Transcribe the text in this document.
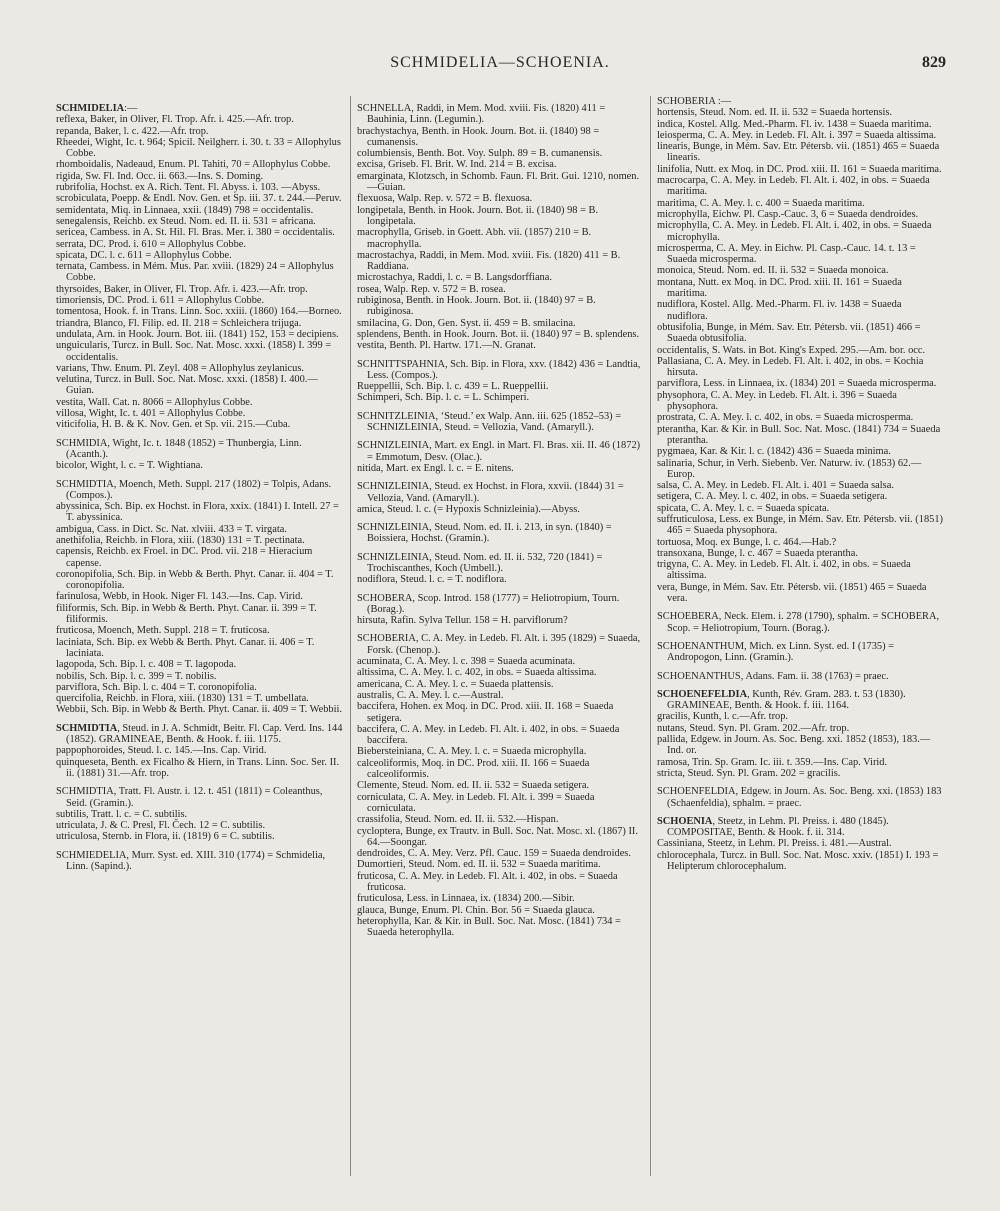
SCHMIDELIA—SCHOENIA.	829

SCHMIDELIA:—

reflexa, Baker, in Oliver, Fl. Trop. Afr. i. 425.—Afr. trop.

repanda, Baker, l. c. 422.—Afr. trop.

Rheedei, Wight, Ic. t. 964; Spicil. Neilgherr. i. 30. t. 33 = Allophylus Cobbe.

rhomboidalis, Nadeaud, Enum. Pl. Tahiti, 70 = Allophylus Cobbe.

rigida, Sw. Fl. Ind. Occ. ii. 663.—Ins. S. Doming.

rubrifolia, Hochst. ex A. Rich. Tent. Fl. Abyss. i. 103. —Abyss.

scrobiculata, Poepp. & Endl. Nov. Gen. et Sp. iii. 37. t. 244.—Peruv.

semidentata, Miq. in Linnaea, xxii. (1849) 798 = occidentalis.

senegalensis, Reichb. ex Steud. Nom. ed. II. ii. 531 = africana.

sericea, Cambess. in A. St. Hil. Fl. Bras. Mer. i. 380 = occidentalis.

serrata, DC. Prod. i. 610 = Allophylus Cobbe.

spicata, DC. l. c. 611 = Allophylus Cobbe.

ternata, Cambess. in Mém. Mus. Par. xviii. (1829) 24 = Allophylus Cobbe.

thyrsoides, Baker, in Oliver, Fl. Trop. Afr. i. 423.—Afr. trop.

timoriensis, DC. Prod. i. 611 = Allophylus Cobbe.

tomentosa, Hook. f. in Trans. Linn. Soc. xxiii. (1860) 164.—Borneo.

triandra, Blanco, Fl. Filip. ed. II. 218 = Schleichera trijuga.

undulata, Arn. in Hook. Journ. Bot. iii. (1841) 152, 153 = decipiens.

unguicularis, Turcz. in Bull. Soc. Nat. Mosc. xxxi. (1858) I. 399 = occidentalis.

varians, Thw. Enum. Pl. Zeyl. 408 = Allophylus zeylanicus.

velutina, Turcz. in Bull. Soc. Nat. Mosc. xxxi. (1858) I. 400.—Guian.

vestita, Wall. Cat. n. 8066 = Allophylus Cobbe.

villosa, Wight, Ic. t. 401 = Allophylus Cobbe.

viticifolia, H. B. & K. Nov. Gen. et Sp. vii. 215.—Cuba.

SCHMIDIA, Wight, Ic. t. 1848 (1852) = Thunbergia, Linn. (Acanth.).

bicolor, Wight, l. c. = T. Wightiana.

SCHMIDTIA, Moench, Meth. Suppl. 217 (1802) = Tolpis, Adans. (Compos.).

abyssinica, Sch. Bip. ex Hochst. in Flora, xxix. (1841) I. Intell. 27 = T. abyssinica.

ambigua, Cass. in Dict. Sc. Nat. xlviii. 433 = T. virgata.

anethifolia, Reichb. in Flora, xiii. (1830) 131 = T. pectinata.

capensis, Reichb. ex Froel. in DC. Prod. vii. 218 = Hieracium capense.

coronopifolia, Sch. Bip. in Webb & Berth. Phyt. Canar. ii. 404 = T. coronopifolia.

farinulosa, Webb, in Hook. Niger Fl. 143.—Ins. Cap. Virid.

filiformis, Sch. Bip. in Webb & Berth. Phyt. Canar. ii. 399 = T. filiformis.

fruticosa, Moench, Meth. Suppl. 218 = T. fruticosa.

laciniata, Sch. Bip. ex Webb & Berth. Phyt. Canar. ii. 406 = T. laciniata.

lagopoda, Sch. Bip. l. c. 408 = T. lagopoda.

nobilis, Sch. Bip. l. c. 399 = T. nobilis.

parviflora, Sch. Bip. l. c. 404 = T. coronopifolia.

quercifolia, Reichb. in Flora, xiii. (1830) 131 = T. umbellata.

Webbii, Sch. Bip. in Webb & Berth. Phyt. Canar. ii. 409 = T. Webbii.

SCHMIDTIA, Steud. in J. A. Schmidt, Beitr. Fl. Cap. Verd. Ins. 144 (1852). GRAMINEAE, Benth. & Hook. f. iii. 1175.

pappophoroides, Steud. l. c. 145.—Ins. Cap. Virid.

quinqueseta, Benth. ex Ficalho & Hiern, in Trans. Linn. Soc. Ser. II. ii. (1881) 31.—Afr. trop.

SCHMIDTIA, Tratt. Fl. Austr. i. 12. t. 451 (1811) = Coleanthus, Seid. (Gramin.).

subtilis, Tratt. l. c. = C. subtilis.

utriculata, J. & C. Presl, Fl. Čech. 12 = C. subtilis.

utriculosa, Sternb. in Flora, ii. (1819) 6 = C. subtilis.

SCHMIEDELIA, Murr. Syst. ed. XIII. 310 (1774) = Schmidelia, Linn. (Sapind.).

SCHNELLA, Raddi, in Mem. Mod. xviii. Fis. (1820) 411 = Bauhinia, Linn. (Legumin.).

brachystachya, Benth. in Hook. Journ. Bot. ii. (1840) 98 = cumanensis.

columbiensis, Benth. Bot. Voy. Sulph. 89 = B. cumanensis.

excisa, Griseb. Fl. Brit. W. Ind. 214 = B. excisa.

emarginata, Klotzsch, in Schomb. Faun. Fl. Brit. Gui. 1210, nomen.—Guian.

flexuosa, Walp. Rep. v. 572 = B. flexuosa.

longipetala, Benth. in Hook. Journ. Bot. ii. (1840) 98 = B. longipetala.

macrophylla, Griseb. in Goett. Abh. vii. (1857) 210 = B. macrophylla.

macrostachya, Raddi, in Mem. Mod. xviii. Fis. (1820) 411 = B. Raddiana.

microstachya, Raddi, l. c. = B. Langsdorffiana.

rosea, Walp. Rep. v. 572 = B. rosea.

rubiginosa, Benth. in Hook. Journ. Bot. ii. (1840) 97 = B. rubiginosa.

smilacina, G. Don, Gen. Syst. ii. 459 = B. smilacina.

splendens, Benth. in Hook. Journ. Bot. ii. (1840) 97 = B. splendens.

vestita, Benth. Pl. Hartw. 171.—N. Granat.

SCHNITTSPAHNIA, Sch. Bip. in Flora, xxv. (1842) 436 = Landtia, Less. (Compos.).

Rueppellii, Sch. Bip. l. c. 439 = L. Rueppellii.

Schimperi, Sch. Bip. l. c. = L. Schimperi.

SCHNITZLEINIA, ‘Steud.’ ex Walp. Ann. iii. 625 (1852–53) = SCHNIZLEINIA, Steud. = Vellozia, Vand. (Amaryll.).

SCHNIZLEINIA, Mart. ex Engl. in Mart. Fl. Bras. xii. II. 46 (1872) = Emmotum, Desv. (Olac.).

nitida, Mart. ex Engl. l. c. = E. nitens.

SCHNIZLEINIA, Steud. ex Hochst. in Flora, xxvii. (1844) 31 = Vellozia, Vand. (Amaryll.).

amica, Steud. l. c. (= Hypoxis Schnizleinia).—Abyss.

SCHNIZLEINIA, Steud. Nom. ed. II. i. 213, in syn. (1840) = Boissiera, Hochst. (Gramin.).

SCHNIZLEINIA, Steud. Nom. ed. II. ii. 532, 720 (1841) = Trochiscanthes, Koch (Umbell.).

nodiflora, Steud. l. c. = T. nodiflora.

SCHOBERA, Scop. Introd. 158 (1777) = Heliotropium, Tourn. (Borag.).

hirsuta, Rafin. Sylva Tellur. 158 = H. parviflorum?

SCHOBERIA, C. A. Mey. in Ledeb. Fl. Alt. i. 395 (1829) = Suaeda, Forsk. (Chenop.).

acuminata, C. A. Mey. l. c. 398 = Suaeda acuminata.

altissima, C. A. Mey. l. c. 402, in obs. = Suaeda altissima.

americana, C. A. Mey. l. c. = Suaeda plattensis.

australis, C. A. Mey. l. c.—Austral.

baccifera, Hohen. ex Moq. in DC. Prod. xiii. II. 168 = Suaeda setigera.

baccifera, C. A. Mey. in Ledeb. Fl. Alt. i. 402, in obs. = Suaeda baccifera.

Biebersteiniana, C. A. Mey. l. c. = Suaeda microphylla.

calceoliformis, Moq. in DC. Prod. xiii. II. 166 = Suaeda calceoliformis.

Clemente, Steud. Nom. ed. II. ii. 532 = Suaeda setigera.

corniculata, C. A. Mey. in Ledeb. Fl. Alt. i. 399 = Suaeda corniculata.

crassifolia, Steud. Nom. ed. II. ii. 532.—Hispan.

cycloptera, Bunge, ex Trautv. in Bull. Soc. Nat. Mosc. xl. (1867) II. 64.—Soongar.

dendroides, C. A. Mey. Verz. Pfl. Cauc. 159 = Suaeda dendroides.

Dumortieri, Steud. Nom. ed. II. ii. 532 = Suaeda maritima.

fruticosa, C. A. Mey. in Ledeb. Fl. Alt. i. 402, in obs. = Suaeda fruticosa.

fruticulosa, Less. in Linnaea, ix. (1834) 200.—Sibir.

glauca, Bunge, Enum. Pl. Chin. Bor. 56 = Suaeda glauca.

heterophylla, Kar. & Kir. in Bull. Soc. Nat. Mosc. (1841) 734 = Suaeda heterophylla.

SCHOBERIA :—

hortensis, Steud. Nom. ed. II. ii. 532 = Suaeda hortensis.

indica, Kostel. Allg. Med.-Pharm. Fl. iv. 1438 = Suaeda maritima.

leiosperma, C. A. Mey. in Ledeb. Fl. Alt. i. 397 = Suaeda altissima.

linearis, Bunge, in Mém. Sav. Etr. Pétersb. vii. (1851) 465 = Suaeda linearis.

linifolia, Nutt. ex Moq. in DC. Prod. xiii. II. 161 = Suaeda maritima.

macrocarpa, C. A. Mey. in Ledeb. Fl. Alt. i. 402, in obs. = Suaeda maritima.

maritima, C. A. Mey. l. c. 400 = Suaeda maritima.

microphylla, Eichw. Pl. Casp.-Cauc. 3, 6 = Suaeda dendroides.

microphylla, C. A. Mey. in Ledeb. Fl. Alt. i. 402, in obs. = Suaeda microphylla.

microsperma, C. A. Mey. in Eichw. Pl. Casp.-Cauc. 14. t. 13 = Suaeda microsperma.

monoica, Steud. Nom. ed. II. ii. 532 = Suaeda monoica.

montana, Nutt. ex Moq. in DC. Prod. xiii. II. 161 = Suaeda maritima.

nudiflora, Kostel. Allg. Med.-Pharm. Fl. iv. 1438 = Suaeda nudiflora.

obtusifolia, Bunge, in Mém. Sav. Etr. Pétersb. vii. (1851) 466 = Suaeda obtusifolia.

occidentalis, S. Wats. in Bot. King's Exped. 295.—Am. bor. occ.

Pallasiana, C. A. Mey. in Ledeb. Fl. Alt. i. 402, in obs. = Kochia hirsuta.

parviflora, Less. in Linnaea, ix. (1834) 201 = Suaeda microsperma.

physophora, C. A. Mey. in Ledeb. Fl. Alt. i. 396 = Suaeda physophora.

prostrata, C. A. Mey. l. c. 402, in obs. = Suaeda microsperma.

pterantha, Kar. & Kir. in Bull. Soc. Nat. Mosc. (1841) 734 = Suaeda pterantha.

pygmaea, Kar. & Kir. l. c. (1842) 436 = Suaeda minima.

salinaria, Schur, in Verh. Siebenb. Ver. Naturw. iv. (1853) 62.—Europ.

salsa, C. A. Mey. in Ledeb. Fl. Alt. i. 401 = Suaeda salsa.

setigera, C. A. Mey. l. c. 402, in obs. = Suaeda setigera.

spicata, C. A. Mey. l. c. = Suaeda spicata.

suffruticulosa, Less. ex Bunge, in Mém. Sav. Etr. Pétersb. vii. (1851) 465 = Suaeda physophora.

tortuosa, Moq. ex Bunge, l. c. 464.—Hab.?

transoxana, Bunge, l. c. 467 = Suaeda pterantha.

trigyna, C. A. Mey. in Ledeb. Fl. Alt. i. 402, in obs. = Suaeda altissima.

vera, Bunge, in Mém. Sav. Etr. Pétersb. vii. (1851) 465 = Suaeda vera.

SCHOEBERA, Neck. Elem. i. 278 (1790), sphalm. = SCHOBERA, Scop. = Heliotropium, Tourn. (Borag.).

SCHOENANTHUM, Mich. ex Linn. Syst. ed. I (1735) = Andropogon, Linn. (Gramin.).

SCHOENANTHUS, Adans. Fam. ii. 38 (1763) = praec.

SCHOENEFELDIA, Kunth, Rév. Gram. 283. t. 53 (1830). GRAMINEAE, Benth. & Hook. f. iii. 1164.

gracilis, Kunth, l. c.—Afr. trop.

nutans, Steud. Syn. Pl. Gram. 202.—Afr. trop.

pallida, Edgew. in Journ. As. Soc. Beng. xxi. 1852 (1853), 183.—Ind. or.

ramosa, Trin. Sp. Gram. Ic. iii. t. 359.—Ins. Cap. Virid.

stricta, Steud. Syn. Pl. Gram. 202 = gracilis.

SCHOENFELDIA, Edgew. in Journ. As. Soc. Beng. xxi. (1853) 183 (Schaenfeldia), sphalm. = praec.

SCHOENIA, Steetz, in Lehm. Pl. Preiss. i. 480 (1845). COMPOSITAE, Benth. & Hook. f. ii. 314.

Cassiniana, Steetz, in Lehm. Pl. Preiss. i. 481.—Austral.

chlorocephala, Turcz. in Bull. Soc. Nat. Mosc. xxiv. (1851) I. 193 = Helipterum chlorocephalum.
